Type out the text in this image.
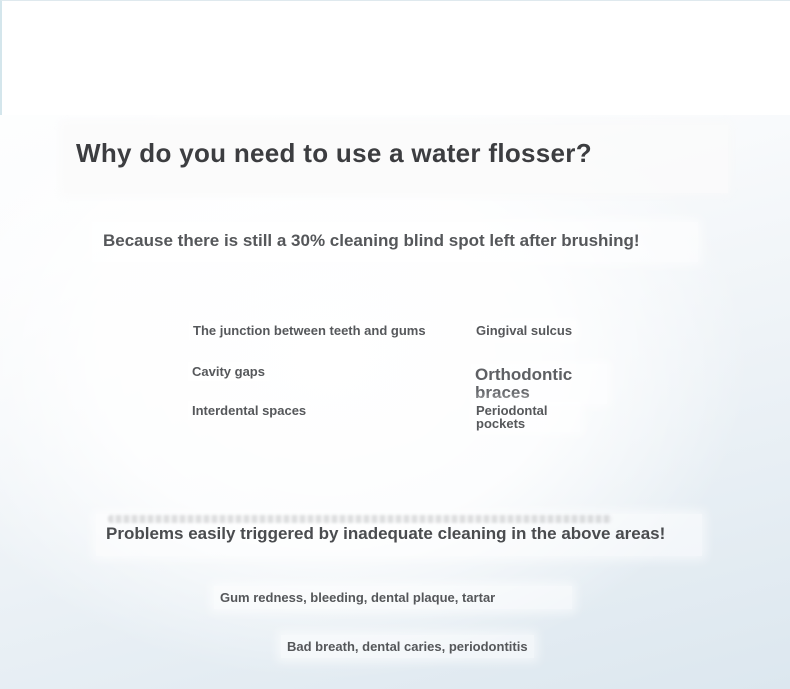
Why do you need to use a water flosser?
Because there is still a 30% cleaning blind spot left after brushing!
The junction between teeth and gums	Gingival sulcus
Cavity gaps	Orthodontic braces
Interdental spaces	Periodontal pockets
Problems easily triggered by inadequate cleaning in the above areas!
Gum redness, bleeding, dental plaque, tartar
Bad breath, dental caries, periodontitis
